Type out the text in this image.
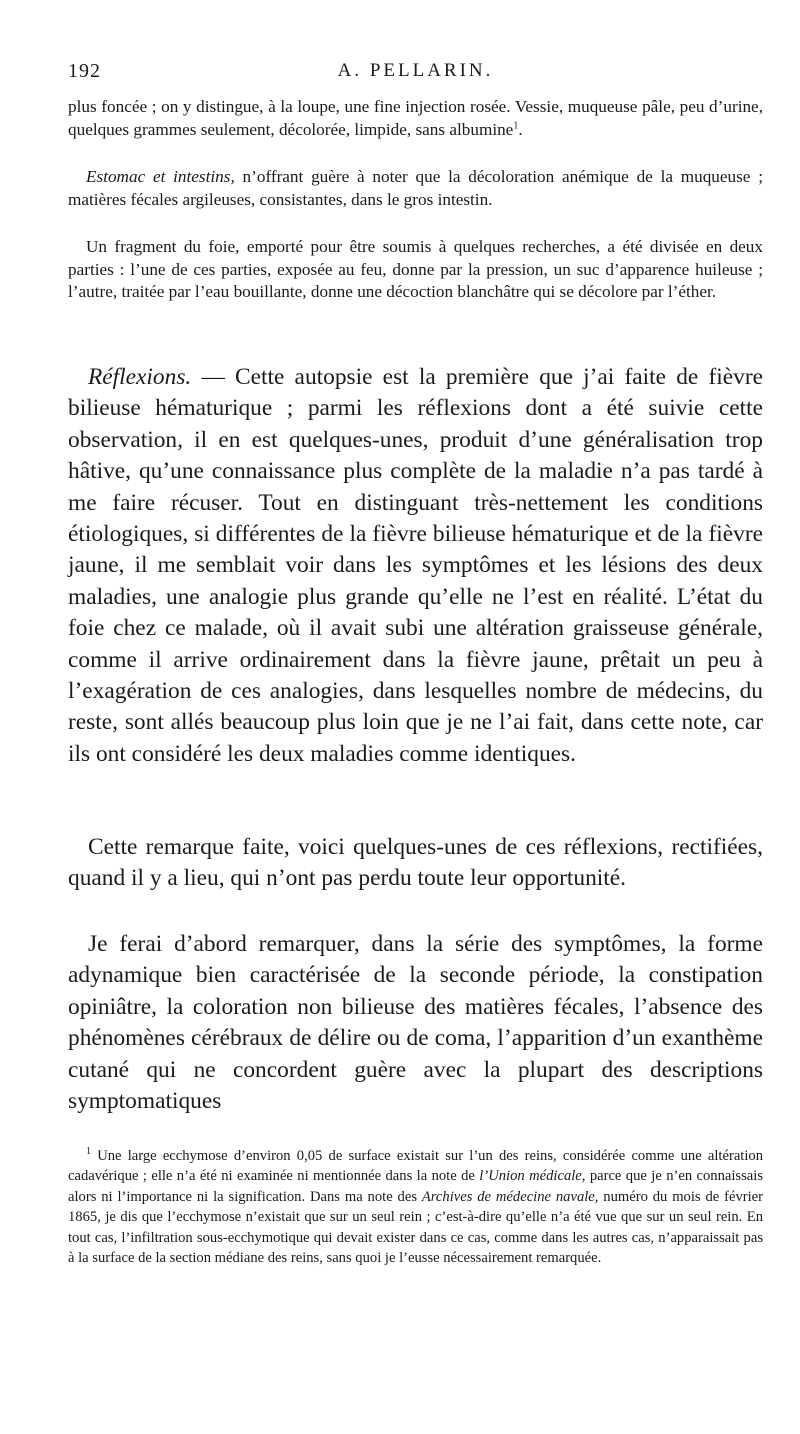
192	A. PELLARIN.

plus foncée ; on y distingue, à la loupe, une fine injection rosée. Vessie, muqueuse pâle, peu d’urine, quelques grammes seulement, décolorée, limpide, sans albumine$^1$.

Estomac et intestins, n’offrant guère à noter que la décoloration anémique de la muqueuse ; matières fécales argileuses, consistantes, dans le gros intestin.

Un fragment du foie, emporté pour être soumis à quelques recherches, a été divisée en deux parties : l’une de ces parties, exposée au feu, donne par la pression, un suc d’apparence huileuse ; l’autre, traitée par l’eau bouillante, donne une décoction blanchâtre qui se décolore par l’éther.

Réflexions. — Cette autopsie est la première que j’ai faite de fièvre bilieuse hématurique ; parmi les réflexions dont a été suivie cette observation, il en est quelques-unes, produit d’une généralisation trop hâtive, qu’une connaissance plus complète de la maladie n’a pas tardé à me faire récuser. Tout en distinguant très-nettement les conditions étiologiques, si différentes de la fièvre bilieuse hématurique et de la fièvre jaune, il me semblait voir dans les symptômes et les lésions des deux maladies, une analogie plus grande qu’elle ne l’est en réalité. L’état du foie chez ce malade, où il avait subi une altération graisseuse générale, comme il arrive ordinairement dans la fièvre jaune, prêtait un peu à l’exagération de ces analogies, dans lesquelles nombre de médecins, du reste, sont allés beaucoup plus loin que je ne l’ai fait, dans cette note, car ils ont considéré les deux maladies comme identiques.

Cette remarque faite, voici quelques-unes de ces réflexions, rectifiées, quand il y a lieu, qui n’ont pas perdu toute leur opportunité.

Je ferai d’abord remarquer, dans la série des symptômes, la forme adynamique bien caractérisée de la seconde période, la constipation opiniâtre, la coloration non bilieuse des matières fécales, l’absence des phénomènes cérébraux de délire ou de coma, l’apparition d’un exanthème cutané qui ne concordent guère avec la plupart des descriptions symptomatiques

$^1$ Une large ecchymose d’environ 0,05 de surface existait sur l’un des reins, considérée comme une altération cadavérique ; elle n’a été ni examinée ni mentionnée dans la note de l’Union médicale, parce que je n’en connaissais alors ni l’importance ni la signification. Dans ma note des Archives de médecine navale, numéro du mois de février 1865, je dis que l’ecchymose n’existait que sur un seul rein ; c’est-à-dire qu’elle n’a été vue que sur un seul rein. En tout cas, l’infiltration sous-ecchymotique qui devait exister dans ce cas, comme dans les autres cas, n’apparaissait pas à la surface de la section médiane des reins, sans quoi je l’eusse nécessairement remarquée.
